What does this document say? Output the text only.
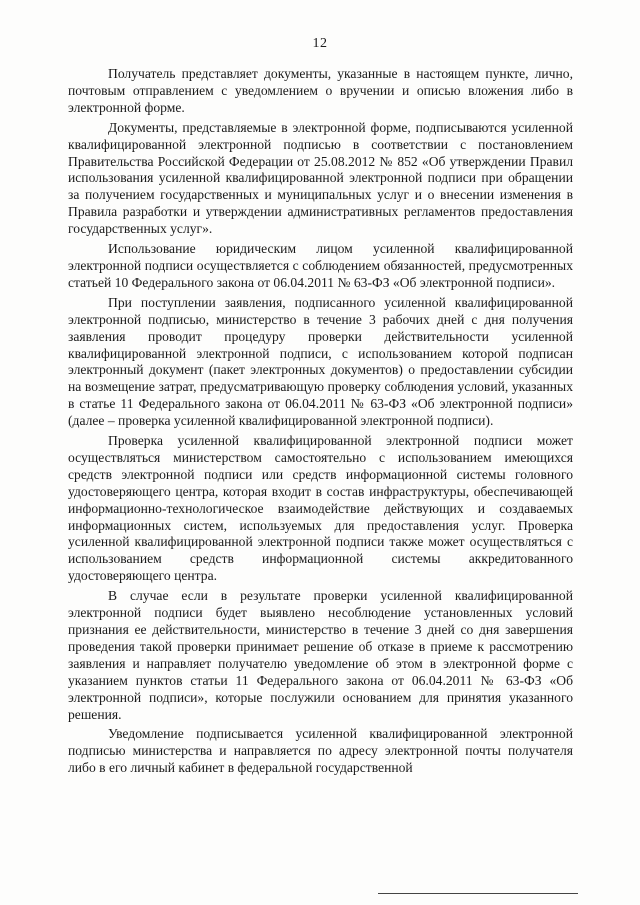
12

Получатель представляет документы, указанные в настоящем пункте, лично, почтовым отправлением с уведомлением о вручении и описью вложения либо в электронной форме.

Документы, представляемые в электронной форме, подписываются усиленной квалифицированной электронной подписью в соответствии с постановлением Правительства Российской Федерации от 25.08.2012 № 852 «Об утверждении Правил использования усиленной квалифицированной электронной подписи при обращении за получением государственных и муниципальных услуг и о внесении изменения в Правила разработки и утверждении административных регламентов предоставления государственных услуг».

Использование юридическим лицом усиленной квалифицированной электронной подписи осуществляется с соблюдением обязанностей, предусмотренных статьей 10 Федерального закона от 06.04.2011 № 63-ФЗ «Об электронной подписи».

При поступлении заявления, подписанного усиленной квалифицированной электронной подписью, министерство в течение 3 рабочих дней с дня получения заявления проводит процедуру проверки действительности усиленной квалифицированной электронной подписи, с использованием которой подписан электронный документ (пакет электронных документов) о предоставлении субсидии на возмещение затрат, предусматривающую проверку соблюдения условий, указанных в статье 11 Федерального закона от 06.04.2011 № 63-ФЗ «Об электронной подписи» (далее – проверка усиленной квалифицированной электронной подписи).

Проверка усиленной квалифицированной электронной подписи может осуществляться министерством самостоятельно с использованием имеющихся средств электронной подписи или средств информационной системы головного удостоверяющего центра, которая входит в состав инфраструктуры, обеспечивающей информационно-технологическое взаимодействие действующих и создаваемых информационных систем, используемых для предоставления услуг. Проверка усиленной квалифицированной электронной подписи также может осуществляться с использованием средств информационной системы аккредитованного удостоверяющего центра.

В случае если в результате проверки усиленной квалифицированной электронной подписи будет выявлено несоблюдение установленных условий признания ее действительности, министерство в течение 3 дней со дня завершения проведения такой проверки принимает решение об отказе в приеме к рассмотрению заявления и направляет получателю уведомление об этом в электронной форме с указанием пунктов статьи 11 Федерального закона от 06.04.2011 № 63-ФЗ «Об электронной подписи», которые послужили основанием для принятия указанного решения.

Уведомление подписывается усиленной квалифицированной электронной подписью министерства и направляется по адресу электронной почты получателя либо в его личный кабинет в федеральной государственной
